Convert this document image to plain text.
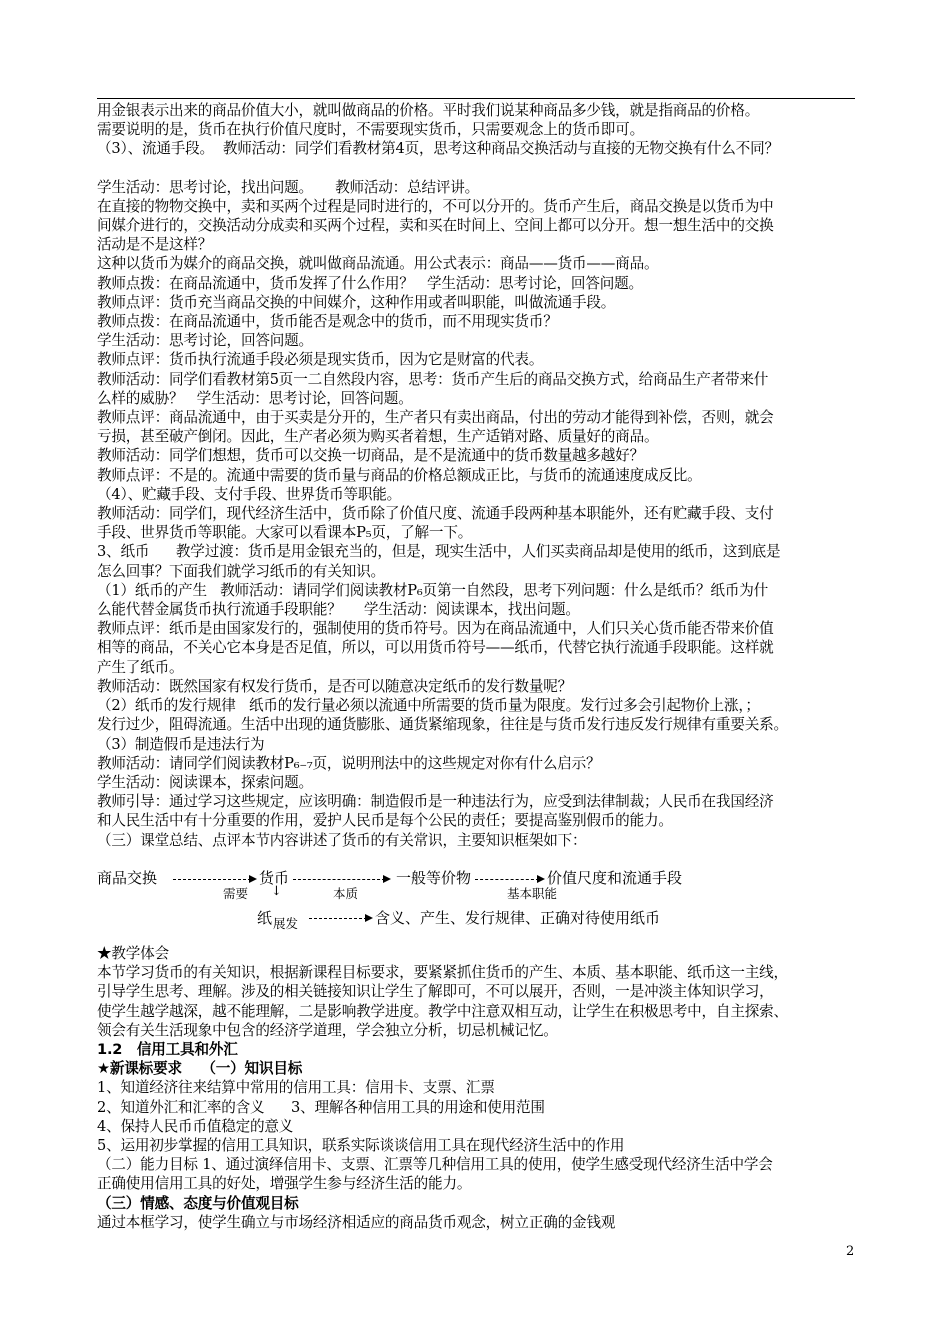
用金银表示出来的商品价值大小，就叫做商品的价格。平时我们说某种商品多少钱，就是指商品的价格。

需要说明的是，货币在执行价值尺度时，不需要现实货币，只需要观念上的货币即可。

（3）、流通手段。  教师活动：同学们看教材第4页，思考这种商品交换活动与直接的无物交换有什么不同？

学生活动：思考讨论，找出问题。     教师活动：总结评讲。

在直接的物物交换中，卖和买两个过程是同时进行的，不可以分开的。货币产生后，商品交换是以货币为中

间媒介进行的，交换活动分成卖和买两个过程，卖和买在时间上、空间上都可以分开。想一想生活中的交换

活动是不是这样？

这种以货币为媒介的商品交换，就叫做商品流通。用公式表示：商品——货币——商品。

教师点拨：在商品流通中，货币发挥了什么作用？   学生活动：思考讨论，回答问题。

教师点评：货币充当商品交换的中间媒介，这种作用或者叫职能，叫做流通手段。

教师点拨：在商品流通中，货币能否是观念中的货币，而不用现实货币？

学生活动：思考讨论，回答问题。

教师点评：货币执行流通手段必须是现实货币，因为它是财富的代表。

教师活动：同学们看教材第5页一二自然段内容，思考：货币产生后的商品交换方式，给商品生产者带来什

么样的威胁？   学生活动：思考讨论，回答问题。

教师点评：商品流通中，由于买卖是分开的，生产者只有卖出商品，付出的劳动才能得到补偿，否则，就会

亏损，甚至破产倒闭。因此，生产者必须为购买者着想，生产适销对路、质量好的商品。

教师活动：同学们想想，货币可以交换一切商品，是不是流通中的货币数量越多越好？

教师点评：不是的。流通中需要的货币量与商品的价格总额成正比，与货币的流通速度成反比。

（4）、贮藏手段、支付手段、世界货币等职能。

教师活动：同学们，现代经济生活中，货币除了价值尺度、流通手段两种基本职能外，还有贮藏手段、支付

手段、世界货币等职能。大家可以看课本P₅页，了解一下。

3、纸币      教学过渡：货币是用金银充当的，但是，现实生活中，人们买卖商品却是使用的纸币，这到底是

怎么回事？下面我们就学习纸币的有关知识。

（1）纸币的产生   教师活动：请同学们阅读教材P₆页第一自然段，思考下列问题：什么是纸币？纸币为什

么能代替金属货币执行流通手段职能？     学生活动：阅读课本，找出问题。

教师点评：纸币是由国家发行的，强制使用的货币符号。因为在商品流通中，人们只关心货币能否带来价值

相等的商品，不关心它本身是否足值，所以，可以用货币符号——纸币，代替它执行流通手段职能。这样就

产生了纸币。

教师活动：既然国家有权发行货币，是否可以随意决定纸币的发行数量呢？

（2）纸币的发行规律   纸币的发行量必须以流通中所需要的货币量为限度。发行过多会引起物价上涨，；

发行过少，阻碍流通。生活中出现的通货膨胀、通货紧缩现象，往往是与货币发行违反发行规律有重要关系。

（3）制造假币是违法行为

教师活动：请同学们阅读教材P₆₋₇页，说明刑法中的这些规定对你有什么启示？

学生活动：阅读课本，探索问题。

教师引导：通过学习这些规定，应该明确：制造假币是一种违法行为，应受到法律制裁；人民币在我国经济

和人民生活中有十分重要的作用，爱护人民币是每个公民的责任；要提高鉴别假币的能力。

（三）课堂总结、点评本节内容讲述了货币的有关常识，主要知识框架如下：

商品交换
需要
货币
本质
↓
一般等价物
基本职能
价值尺度和流通手段
纸 展发	含义、产生、发行规律、正确对待使用纸币

★教学体会

本节学习货币的有关知识，根据新课程目标要求，要紧紧抓住货币的产生、本质、基本职能、纸币这一主线，

引导学生思考、理解。涉及的相关链接知识让学生了解即可，不可以展开，否则，一是冲淡主体知识学习，

使学生越学越深，越不能理解，二是影响教学进度。教学中注意双相互动，让学生在积极思考中，自主探索、

领会有关生活现象中包含的经济学道理，学会独立分析，切忌机械记忆。

1.2   信用工具和外汇

★新课标要求    （一）知识目标

1、知道经济往来结算中常用的信用工具：信用卡、支票、汇票

2、知道外汇和汇率的含义      3、理解各种信用工具的用途和使用范围

4、保持人民币币值稳定的意义

5、运用初步掌握的信用工具知识，联系实际谈谈信用工具在现代经济生活中的作用

（二）能力目标 1、通过演绎信用卡、支票、汇票等几种信用工具的使用，使学生感受现代经济生活中学会

正确使用信用工具的好处，增强学生参与经济生活的能力。

（三）情感、态度与价值观目标

通过本框学习，使学生确立与市场经济相适应的商品货币观念，树立正确的金钱观

2
